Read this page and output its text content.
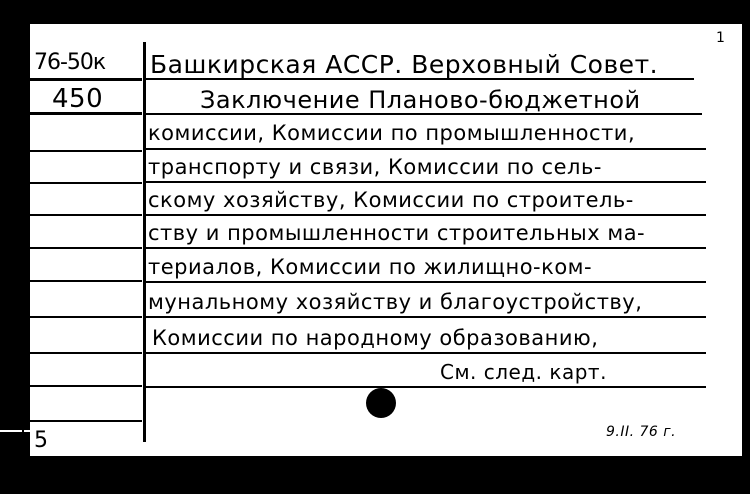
76-50к
450
Башкирская АССР. Верховный Совет.
Заключение Планово-бюджетной
комиссии, Комиссии по промышленности,
транспорту и связи, Комиссии по сель-
скому хозяйству, Комиссии по строитель-
ству и промышленности строительных ма-
териалов, Комиссии по жилищно-ком-
мунальному хозяйству и благоустройству,
Комиссии по народному образованию,
См. след. карт.
9.II. 76 г.
1
5
